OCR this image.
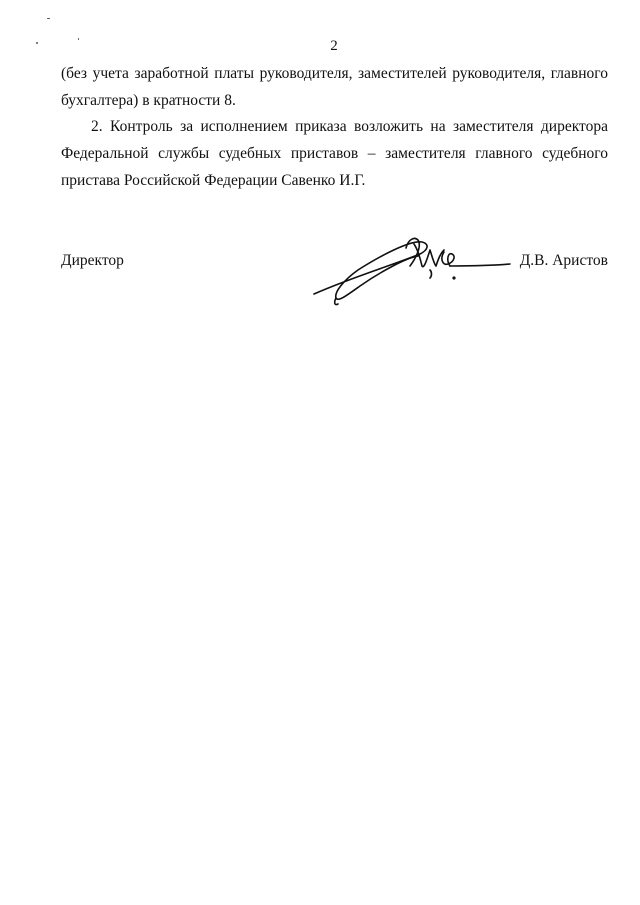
2
(без учета заработной платы руководителя, заместителей руководителя, главного бухгалтера) в кратности 8.
2. Контроль за исполнением приказа возложить на заместителя директора Федеральной службы судебных приставов – заместителя главного судебного пристава Российской Федерации Савенко И.Г.
Директор	Д.В. Аристов
